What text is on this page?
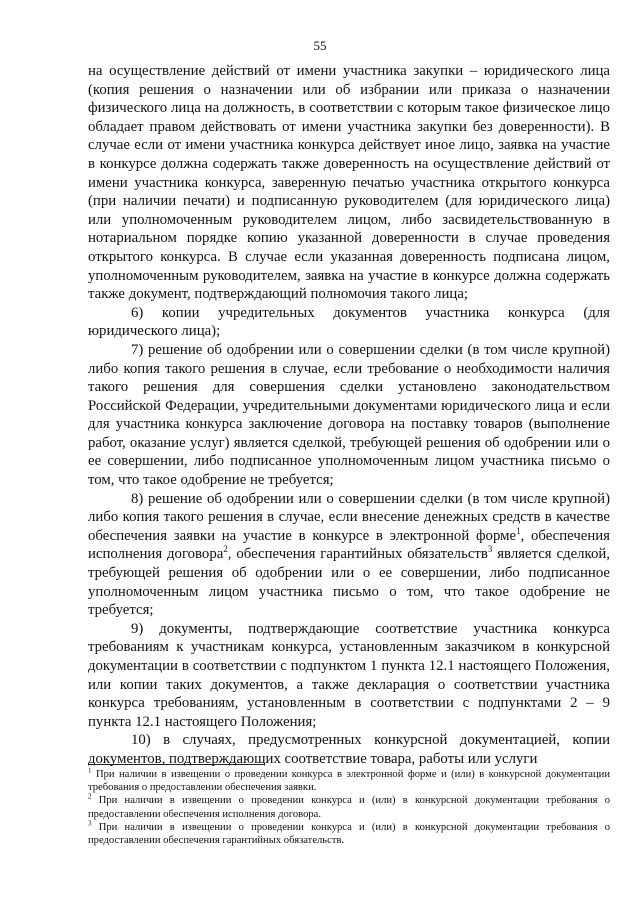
55

на осуществление действий от имени участника закупки – юридического лица (копия решения о назначении или об избрании или приказа о назначении физического лица на должность, в соответствии с которым такое физическое лицо обладает правом действовать от имени участника закупки без доверенности). В случае если от имени участника конкурса действует иное лицо, заявка на участие в конкурсе должна содержать также доверенность на осуществление действий от имени участника конкурса, заверенную печатью участника открытого конкурса (при наличии печати) и подписанную руководителем (для юридического лица) или уполномоченным руководителем лицом, либо засвидетельствованную в нотариальном порядке копию указанной доверенности в случае проведения открытого конкурса. В случае если указанная доверенность подписана лицом, уполномоченным руководителем, заявка на участие в конкурсе должна содержать также документ, подтверждающий полномочия такого лица;

6) копии учредительных документов участника конкурса (для юридического лица);

7) решение об одобрении или о совершении сделки (в том числе крупной) либо копия такого решения в случае, если требование о необходимости наличия такого решения для совершения сделки установлено законодательством Российской Федерации, учредительными документами юридического лица и если для участника конкурса заключение договора на поставку товаров (выполнение работ, оказание услуг) является сделкой, требующей решения об одобрении или о ее совершении, либо подписанное уполномоченным лицом участника письмо о том, что такое одобрение не требуется;

8) решение об одобрении или о совершении сделки (в том числе крупной) либо копия такого решения в случае, если внесение денежных средств в качестве обеспечения заявки на участие в конкурсе в электронной форме$^1$, обеспечения исполнения договора$^2$, обеспечения гарантийных обязательств$^3$ является сделкой, требующей решения об одобрении или о ее совершении, либо подписанное уполномоченным лицом участника письмо о том, что такое одобрение не требуется;

9) документы, подтверждающие соответствие участника конкурса требованиям к участникам конкурса, установленным заказчиком в конкурсной документации в соответствии с подпунктом 1 пункта 12.1 настоящего Положения, или копии таких документов, а также декларация о соответствии участника конкурса требованиям, установленным в соответствии с подпунктами 2 – 9 пункта 12.1 настоящего Положения;

10) в случаях, предусмотренных конкурсной документацией, копии документов, подтверждающих соответствие товара, работы или услуги

$^1$ При наличии в извещении о проведении конкурса в электронной форме и (или) в конкурсной документации требования о предоставлении обеспечения заявки.

$^2$ При наличии в извещении о проведении конкурса и (или) в конкурсной документации требования о предоставлении обеспечения исполнения договора.

$^3$ При наличии в извещении о проведении конкурса и (или) в конкурсной документации требования о предоставлении обеспечения гарантийных обязательств.
